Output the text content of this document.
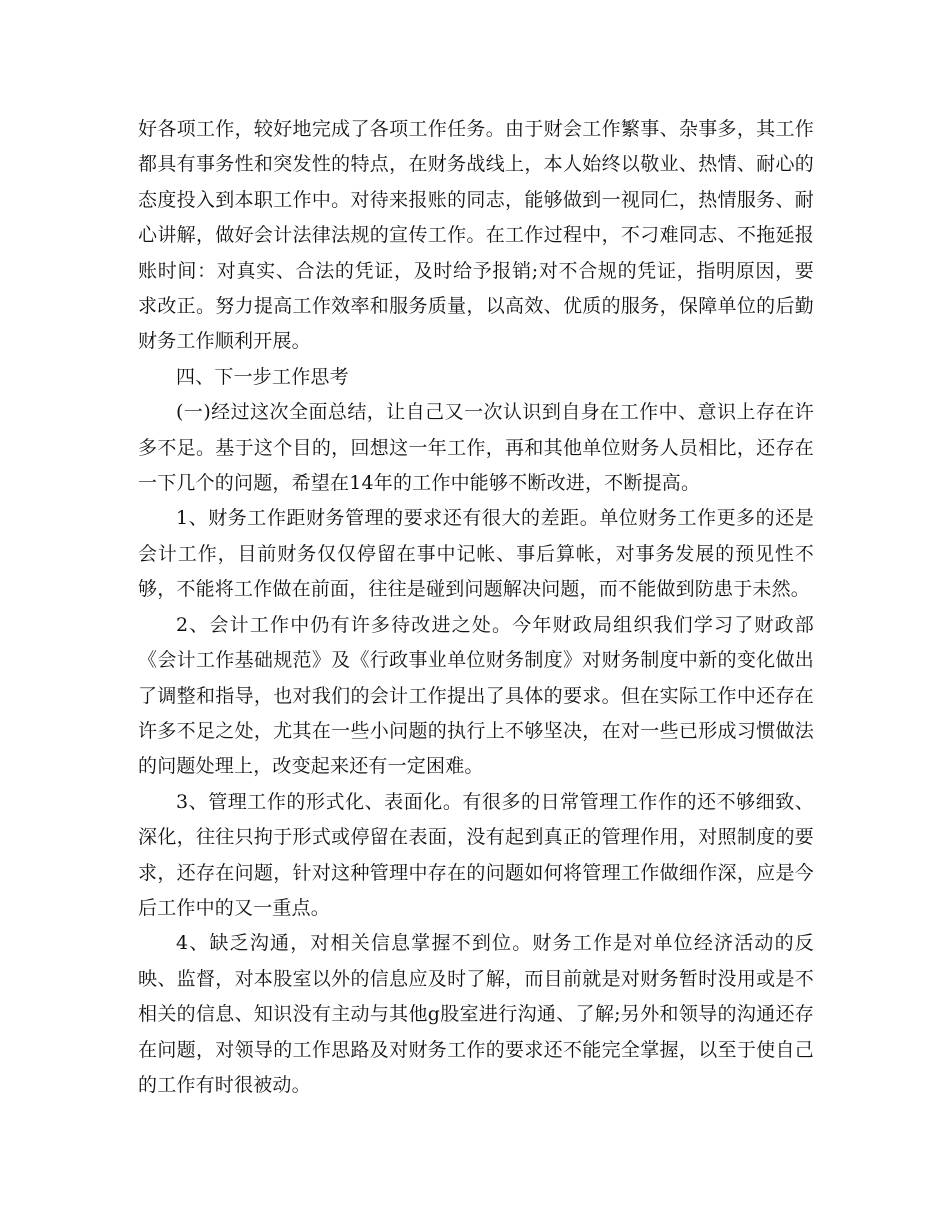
好各项工作，较好地完成了各项工作任务。由于财会工作繁事、杂事多，其工作都具有事务性和突发性的特点，在财务战线上，本人始终以敬业、热情、耐心的态度投入到本职工作中。对待来报账的同志，能够做到一视同仁，热情服务、耐心讲解，做好会计法律法规的宣传工作。在工作过程中，不刁难同志、不拖延报账时间：对真实、合法的凭证，及时给予报销;对不合规的凭证，指明原因，要求改正。努力提高工作效率和服务质量，以高效、优质的服务，保障单位的后勤财务工作顺利开展。

四、下一步工作思考

(一)经过这次全面总结，让自己又一次认识到自身在工作中、意识上存在许多不足。基于这个目的，回想这一年工作，再和其他单位财务人员相比，还存在一下几个的问题，希望在14年的工作中能够不断改进，不断提高。

1、财务工作距财务管理的要求还有很大的差距。单位财务工作更多的还是会计工作，目前财务仅仅停留在事中记帐、事后算帐，对事务发展的预见性不够，不能将工作做在前面，往往是碰到问题解决问题，而不能做到防患于未然。

2、会计工作中仍有许多待改进之处。今年财政局组织我们学习了财政部《会计工作基础规范》及《行政事业单位财务制度》对财务制度中新的变化做出了调整和指导，也对我们的会计工作提出了具体的要求。但在实际工作中还存在许多不足之处，尤其在一些小问题的执行上不够坚决，在对一些已形成习惯做法的问题处理上，改变起来还有一定困难。

3、管理工作的形式化、表面化。有很多的日常管理工作作的还不够细致、深化，往往只拘于形式或停留在表面，没有起到真正的管理作用，对照制度的要求，还存在问题，针对这种管理中存在的问题如何将管理工作做细作深，应是今后工作中的又一重点。

4、缺乏沟通，对相关信息掌握不到位。财务工作是对单位经济活动的反映、监督，对本股室以外的信息应及时了解，而目前就是对财务暂时没用或是不相关的信息、知识没有主动与其他g股室进行沟通、了解;另外和领导的沟通还存在问题，对领导的工作思路及对财务工作的要求还不能完全掌握，以至于使自己的工作有时很被动。
